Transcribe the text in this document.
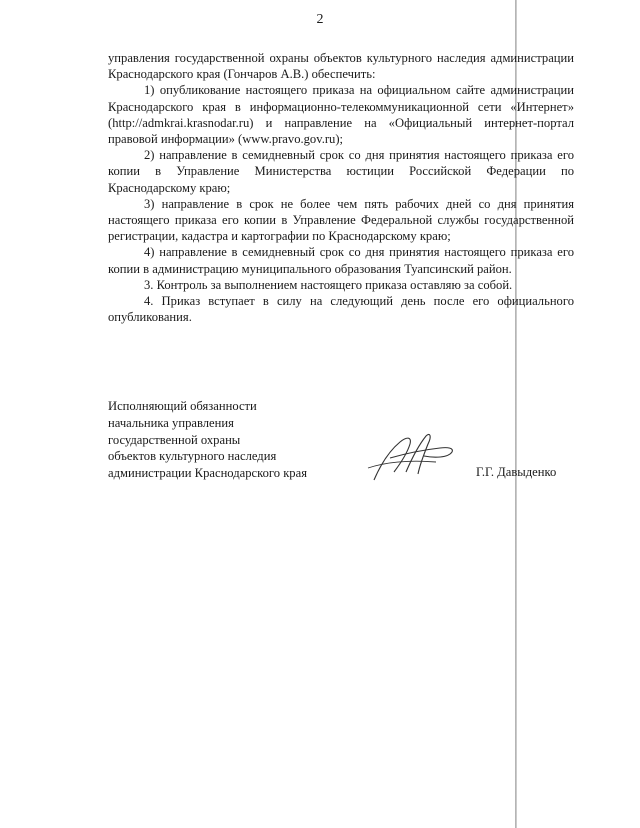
2

управления государственной охраны объектов культурного наследия администрации Краснодарского края (Гончаров А.В.) обеспечить:

1) опубликование настоящего приказа на официальном сайте администрации Краснодарского края в информационно-телекоммуникационной сети «Интернет» (http://admkrai.krasnodar.ru) и направление на «Официальный интернет-портал правовой информации» (www.pravo.gov.ru);

2) направление в семидневный срок со дня принятия настоящего приказа его копии в Управление Министерства юстиции Российской Федерации по Краснодарскому краю;

3) направление в срок не более чем пять рабочих дней со дня принятия настоящего приказа его копии в Управление Федеральной службы государственной регистрации, кадастра и картографии по Краснодарскому краю;

4) направление в семидневный срок со дня принятия настоящего приказа его копии в администрацию муниципального образования Туапсинский район.

3. Контроль за выполнением настоящего приказа оставляю за собой.

4. Приказ вступает в силу на следующий день после его официального опубликования.

Исполняющий обязанности
начальника управления
государственной охраны
объектов культурного наследия
администрации Краснодарского края	Г.Г. Давыденко
